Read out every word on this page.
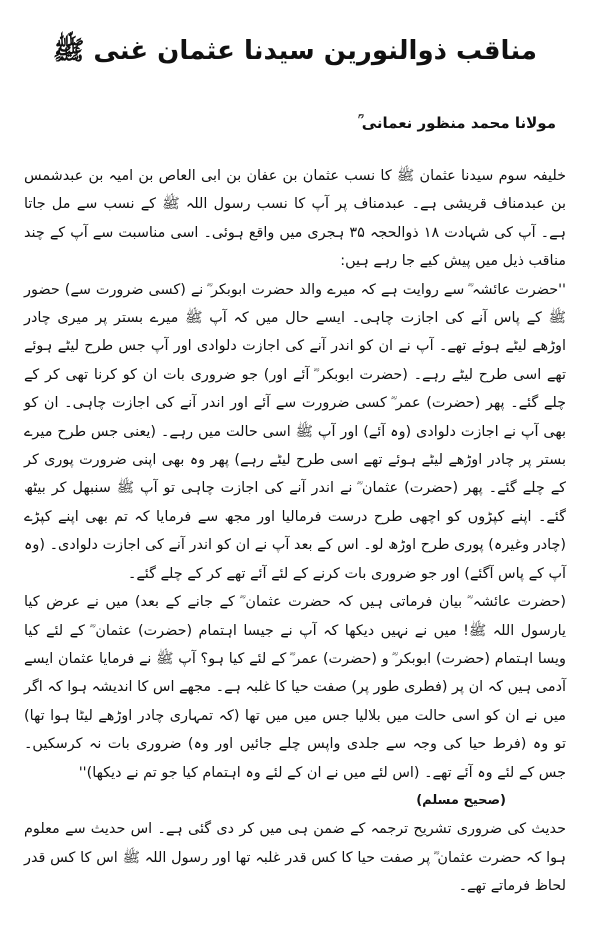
مناقب ذوالنورین سیدنا عثمان غنی ﷺ
مولانا محمد منظور نعمانی ؒ

خلیفہ سوم سیدنا عثمان ﷺ کا نسب عثمان بن عفان بن ابی العاص بن امیہ بن عبدشمس بن عبدمناف قریشی ہے۔ عبدمناف پر آپ کا نسب رسول اللہ ﷺ کے نسب سے مل جاتا ہے۔ آپ کی شہادت ۱۸ ذوالحجہ ۳۵ ہجری میں واقع ہوئی۔ اسی مناسبت سے آپ کے چند مناقب ذیل میں پیش کیے جا رہے ہیں:

''حضرت عائشہ ؓ سے روایت ہے کہ میرے والد حضرت ابوبکر ؓ نے (کسی ضرورت سے) حضور ﷺ کے پاس آنے کی اجازت چاہی۔ ایسے حال میں کہ آپ ﷺ میرے بستر پر میری چادر اوڑھے لیٹے ہوئے تھے۔ آپ نے ان کو اندر آنے کی اجازت دلوادی اور آپ جس طرح لیٹے ہوئے تھے اسی طرح لیٹے رہے۔ (حضرت ابوبکر ؓ آئے اور) جو ضروری بات ان کو کرنا تھی کر کے چلے گئے۔ پھر (حضرت) عمر ؓ کسی ضرورت سے آئے اور اندر آنے کی اجازت چاہی۔ ان کو بھی آپ نے اجازت دلوادی (وہ آئے) اور آپ ﷺ اسی حالت میں رہے۔ (یعنی جس طرح میرے بستر پر چادر اوڑھے لیٹے ہوئے تھے اسی طرح لیٹے رہے) پھر وہ بھی اپنی ضرورت پوری کر کے چلے گئے۔ پھر (حضرت) عثمان ؓ نے اندر آنے کی اجازت چاہی تو آپ ﷺ سنبھل کر بیٹھ گئے۔ اپنے کپڑوں کو اچھی طرح درست فرمالیا اور مجھ سے فرمایا کہ تم بھی اپنے کپڑے (چادر وغیرہ) پوری طرح اوڑھ لو۔ اس کے بعد آپ نے ان کو اندر آنے کی اجازت دلوادی۔ (وہ آپ کے پاس آگئے) اور جو ضروری بات کرنے کے لئے آئے تھے کر کے چلے گئے۔

(حضرت عائشہ ؓ بیان فرماتی ہیں کہ حضرت عثمان ؓ کے جانے کے بعد) میں نے عرض کیا یارسول اللہ ﷺ! میں نے نہیں دیکھا کہ آپ نے جیسا اہتمام (حضرت) عثمان ؓ کے لئے کیا ویسا اہتمام (حضرت) ابوبکر ؓ و (حضرت) عمر ؓ کے لئے کیا ہو؟ آپ ﷺ نے فرمایا عثمان ایسے آدمی ہیں کہ ان پر (فطری طور پر) صفت حیا کا غلبہ ہے۔ مجھے اس کا اندیشہ ہوا کہ اگر میں نے ان کو اسی حالت میں بلالیا جس میں میں تھا (کہ تمہاری چادر اوڑھے لیٹا ہوا تھا) تو وہ (فرط حیا کی وجہ سے جلدی واپس چلے جائیں اور وہ) ضروری بات نہ کرسکیں۔ جس کے لئے وہ آئے تھے۔ (اس لئے میں نے ان کے لئے وہ اہتمام کیا جو تم نے دیکھا)''

(صحیح مسلم)

حدیث کی ضروری تشریح ترجمہ کے ضمن ہی میں کر دی گئی ہے۔ اس حدیث سے معلوم ہوا کہ حضرت عثمان ؓ پر صفت حیا کا کس قدر غلبہ تھا اور رسول اللہ ﷺ اس کا کس قدر لحاظ فرماتے تھے۔
